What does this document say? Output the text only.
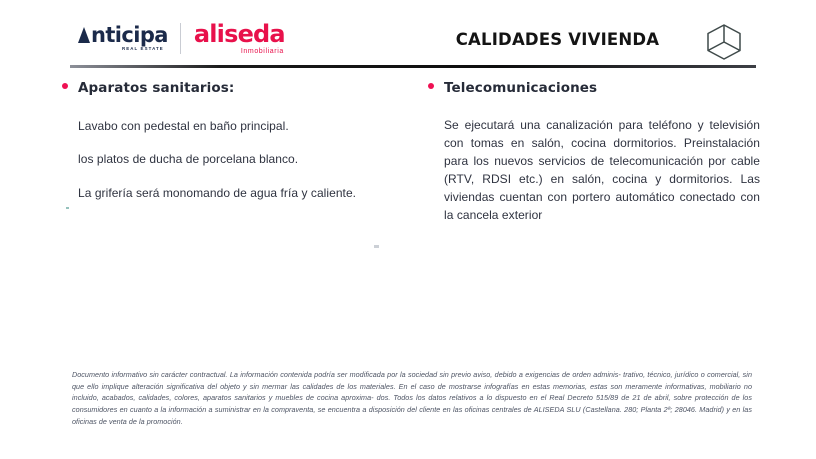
nticipa
REAL ESTATE
aliseda
Inmobiliaria
CALIDADES VIVIENDA
Aparatos sanitarios:

Lavabo con pedestal en baño principal.

los platos de ducha de porcelana blanco.

La grifería será monomando de agua fría y caliente.

Telecomunicaciones

Se ejecutará una canalización para teléfono y televisión con tomas en salón, cocina dormitorios. Preinstalación para los nuevos servicios de telecomunicación por cable (RTV, RDSI etc.) en salón, cocina y dormitorios. Las viviendas cuentan con portero automático conectado con la cancela exterior

Documento informativo sin carácter contractual. La información contenida podría ser modificada por la sociedad sin previo aviso, debido a exigencias de orden adminis- trativo, técnico, jurídico o comercial, sin que ello implique alteración significativa del objeto y sin mermar las calidades de los materiales. En el caso de mostrarse infografías en estas memorias, estas son meramente informativas, mobiliario no incluido, acabados, calidades, colores, aparatos sanitarios y muebles de cocina aproxima- dos. Todos los datos relativos a lo dispuesto en el Real Decreto 515/89 de 21 de abril, sobre protección de los consumidores en cuanto a la información a suministrar en la compraventa, se encuentra a disposición del cliente en las oficinas centrales de ALISEDA SLU (Castellana. 280; Planta 2ª; 28046. Madrid) y en las oficinas de venta de la promoción.
